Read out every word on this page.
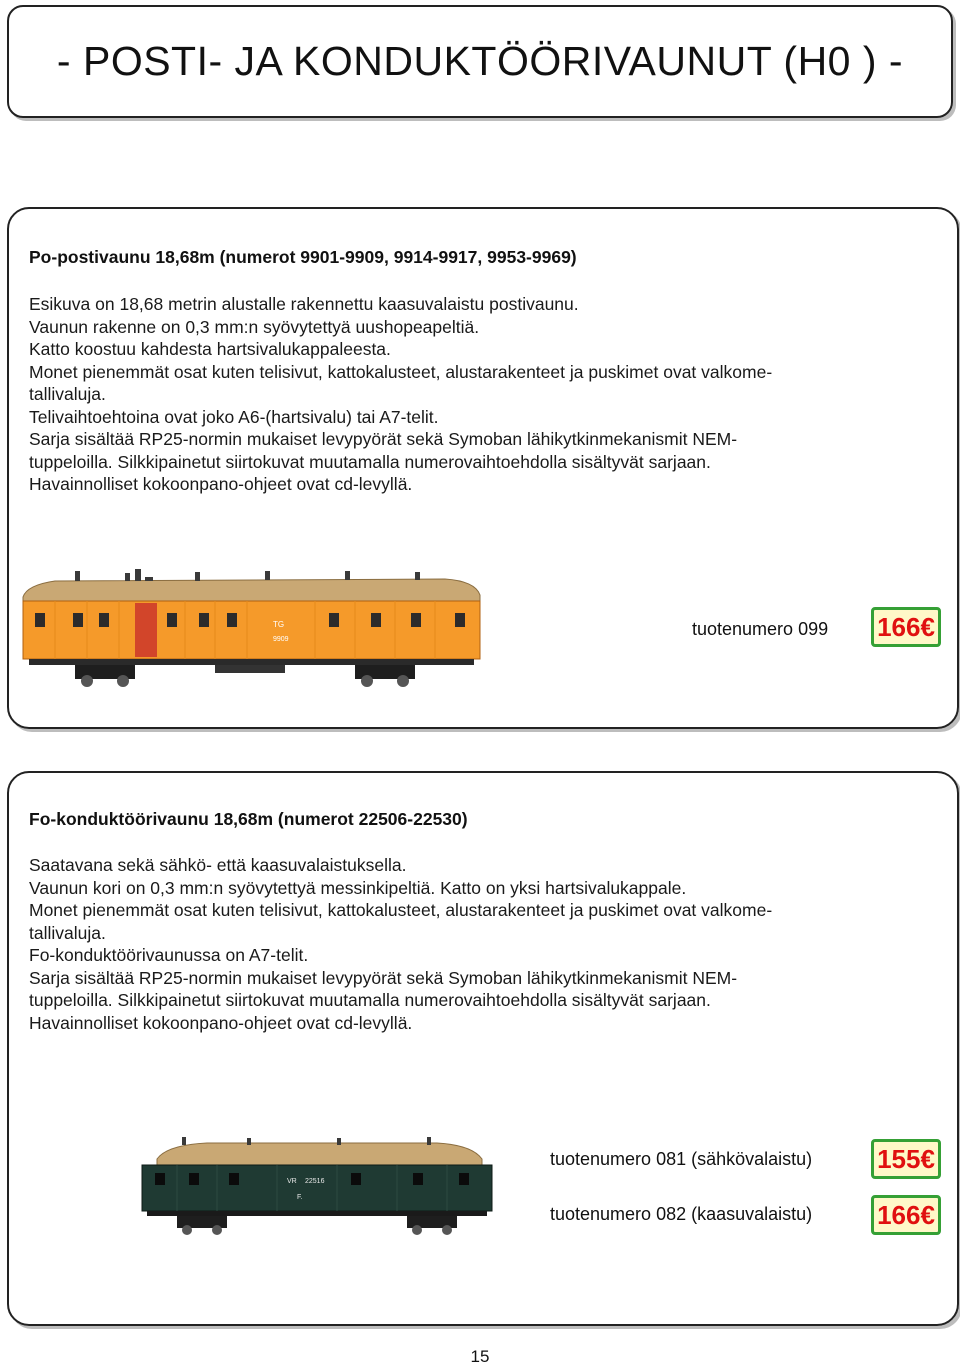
- POSTI- JA KONDUKTÖÖRIVAUNUT (H0 ) -
Po-postivaunu 18,68m (numerot 9901-9909, 9914-9917, 9953-9969)
Esikuva on 18,68 metrin alustalle rakennettu kaasuvalaistu postivaunu.
Vaunun rakenne on 0,3 mm:n syövytettyä uushopeapeltiä.
Katto koostuu kahdesta hartsivalukappaleesta.
Monet pienemmät osat kuten telisivut, kattokalusteet, alustarakenteet ja puskimet ovat valkome-
tallivaluja.
Telivaihtoehtoina ovat joko A6-(hartsivalu) tai A7-telit.
Sarja sisältää RP25-normin mukaiset levypyörät sekä Symoban lähikytkinmekanismit NEM-
tuppeloilla. Silkkipainetut siirtokuvat muutamalla numerovaihtoehdolla sisältyvät sarjaan.
Havainnolliset kokoonpano-ohjeet ovat cd-levyllä.
TG
9909
tuotenumero 099 166€
Fo-konduktöörivaunu 18,68m (numerot 22506-22530)
Saatavana sekä sähkö- että kaasuvalaistuksella.
Vaunun kori on 0,3 mm:n syövytettyä messinkipeltiä. Katto on yksi hartsivalukappale.
Monet pienemmät osat kuten telisivut, kattokalusteet, alustarakenteet ja puskimet ovat valkome-
tallivaluja.
Fo-konduktöörivaunussa on A7-telit.
Sarja sisältää RP25-normin mukaiset levypyörät sekä Symoban lähikytkinmekanismit NEM-
tuppeloilla. Silkkipainetut siirtokuvat muutamalla numerovaihtoehdolla sisältyvät sarjaan.
Havainnolliset kokoonpano-ohjeet ovat cd-levyllä.
VR 22516
F.
tuotenumero 081 (sähkövalaistu) 155€
tuotenumero 082 (kaasuvalaistu) 166€
15
